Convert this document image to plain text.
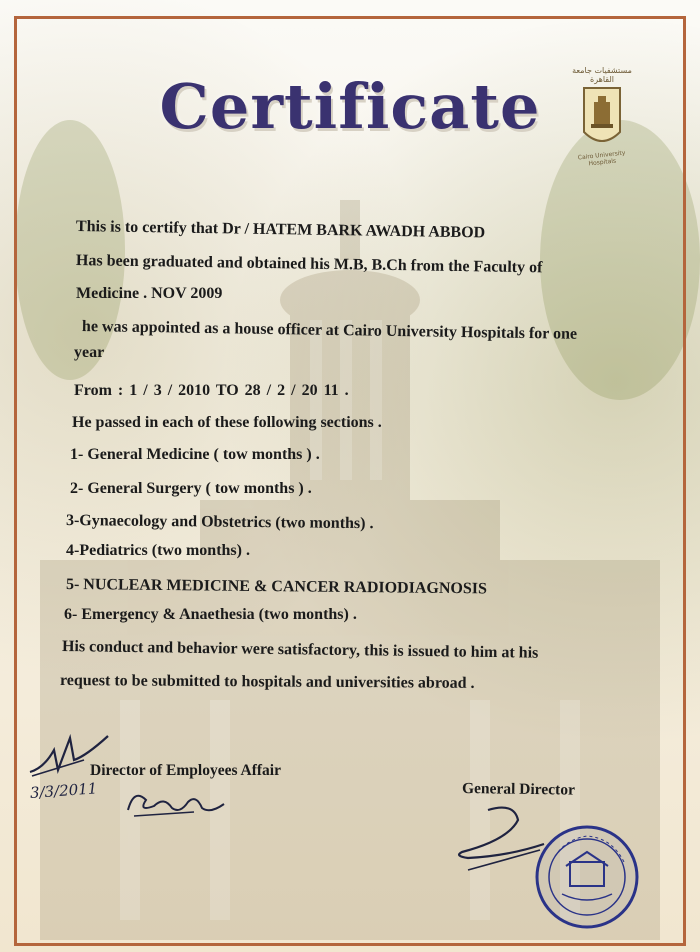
Certificate	مستشفيات جامعة القاهرة
Cairo University Hospitals
This is to certify that Dr / HATEM BARK AWADH ABBOD
Has been graduated and obtained his M.B, B.Ch from the Faculty of
Medicine . NOV 2009
he was appointed as a house officer at Cairo University Hospitals for one
year
From : 1 / 3 / 2010 TO 28 / 2 / 20 11 .
He passed in each of these following sections .
1- General Medicine ( tow months ) .
2- General Surgery ( tow months ) .
3-Gynaecology and Obstetrics (two months) .
4-Pediatrics (two months) .
5- NUCLEAR MEDICINE & CANCER RADIODIAGNOSIS
6- Emergency & Anaethesia (two months) .
His conduct and behavior were satisfactory, this is issued to him at his
request to be submitted to hospitals and universities abroad .
Director of Employees Affair
General Director
3/3/2011
